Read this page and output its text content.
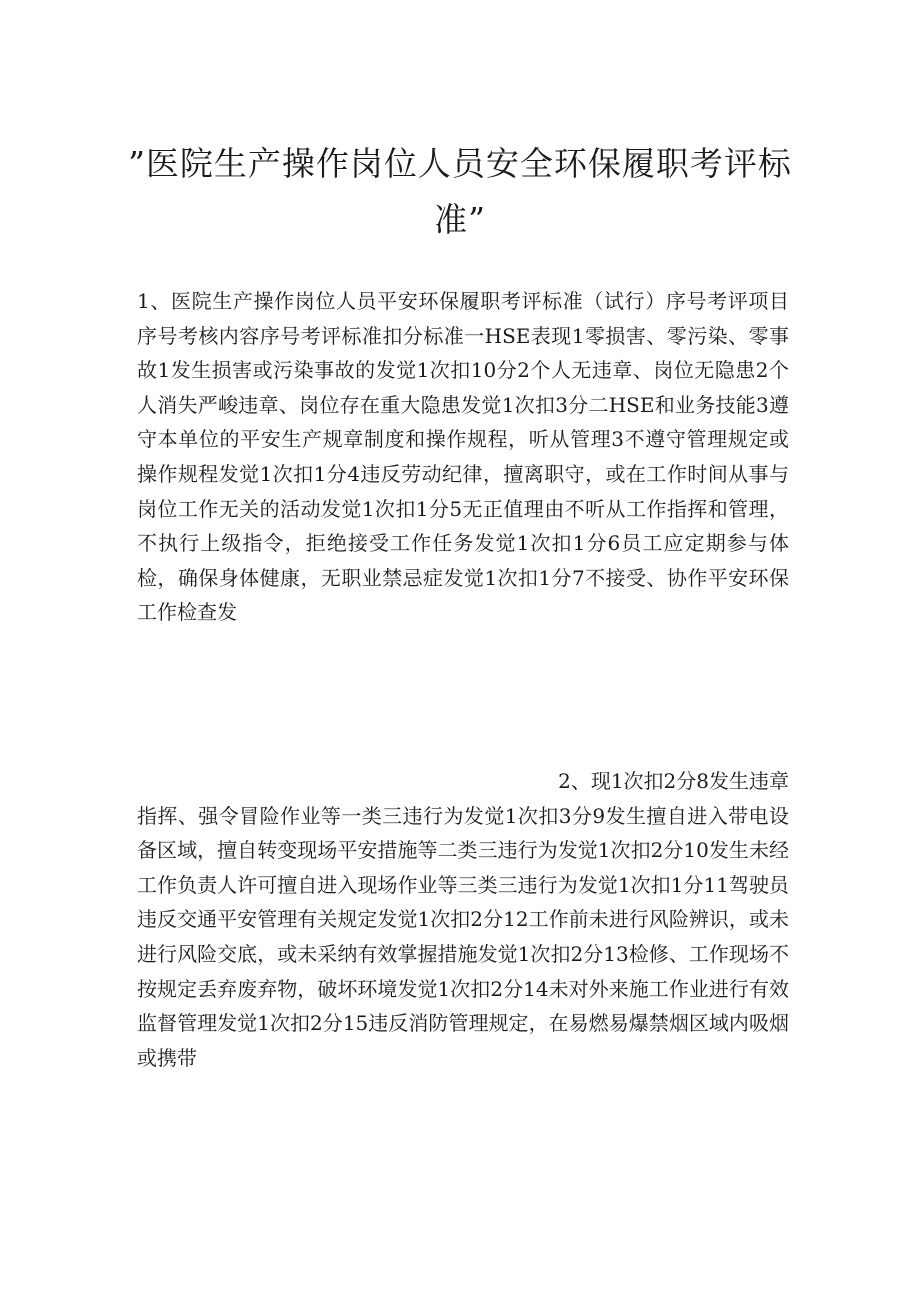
”医院生产操作岗位人员安全环保履职考评标准”

1、医院生产操作岗位人员平安环保履职考评标准（试行）序号考评项目序号考核内容序号考评标准扣分标准一HSE表现1零损害、零污染、零事故1发生损害或污染事故的发觉1次扣10分2个人无违章、岗位无隐患2个人消失严峻违章、岗位存在重大隐患发觉1次扣3分二HSE和业务技能3遵守本单位的平安生产规章制度和操作规程，听从管理3不遵守管理规定或操作规程发觉1次扣1分4违反劳动纪律，擅离职守，或在工作时间从事与岗位工作无关的活动发觉1次扣1分5无正值理由不听从工作指挥和管理，不执行上级指令，拒绝接受工作任务发觉1次扣1分6员工应定期参与体检，确保身体健康，无职业禁忌症发觉1次扣1分7不接受、协作平安环保工作检查发

2、现1次扣2分8发生违章
指挥、强令冒险作业等一类三违行为发觉1次扣3分9发生擅自进入带电设备区域，擅自转变现场平安措施等二类三违行为发觉1次扣2分10发生未经工作负责人许可擅自进入现场作业等三类三违行为发觉1次扣1分11驾驶员违反交通平安管理有关规定发觉1次扣2分12工作前未进行风险辨识，或未进行风险交底，或未采纳有效掌握措施发觉1次扣2分13检修、工作现场不按规定丢弃废弃物，破坏环境发觉1次扣2分14未对外来施工作业进行有效监督管理发觉1次扣2分15违反消防管理规定，在易燃易爆禁烟区域内吸烟或携带
